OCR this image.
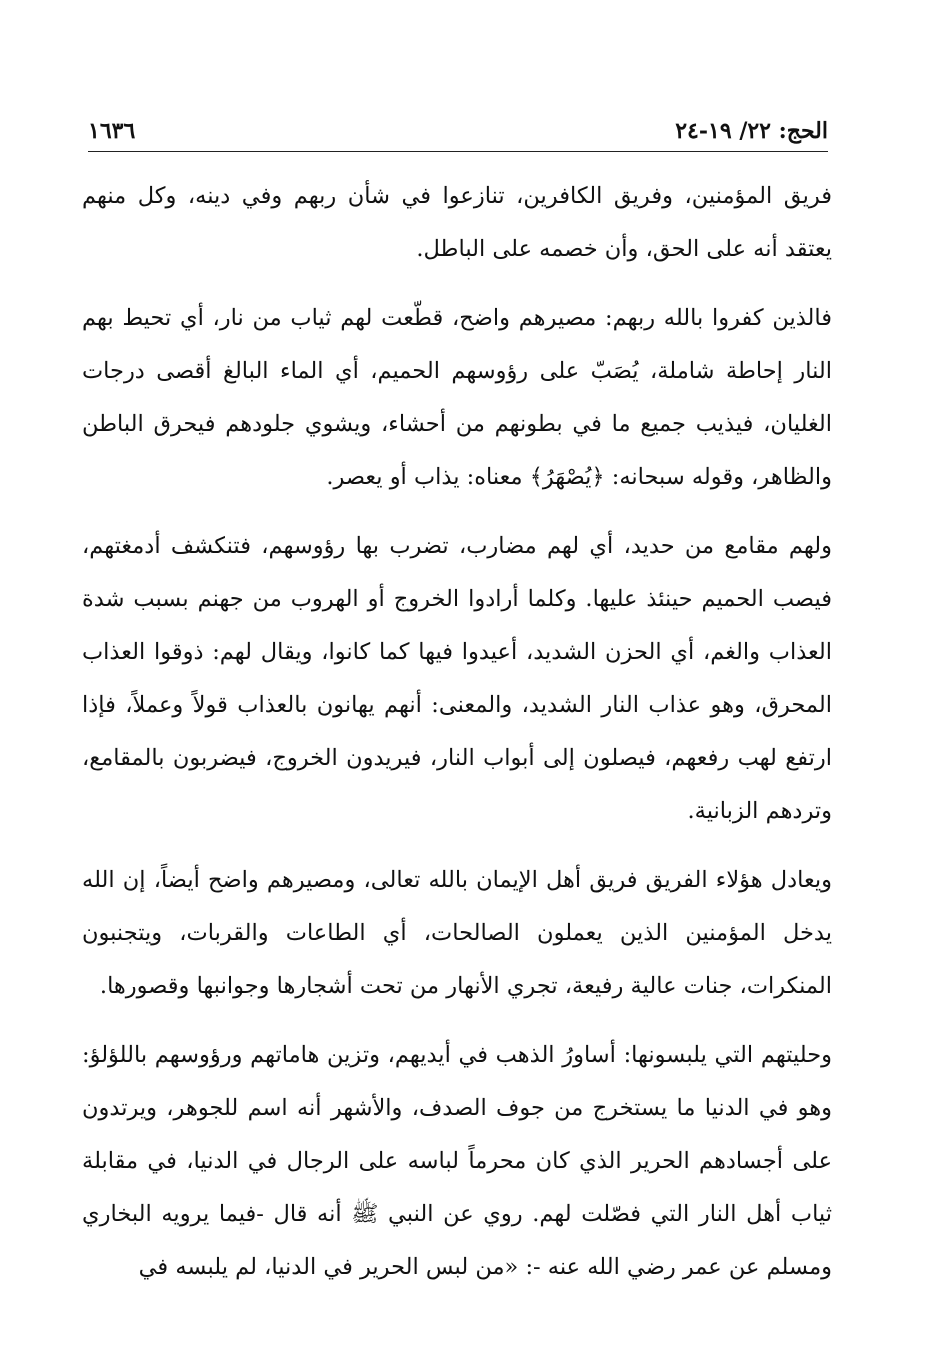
الحج: ٢٢/ ١٩-٢٤
١٦٣٦

فريق المؤمنين، وفريق الكافرين، تنازعوا في شأن ربهم وفي دينه، وكل منهم يعتقد أنه على الحق، وأن خصمه على الباطل.

فالذين كفروا بالله ربهم: مصيرهم واضح، قطّعت لهم ثياب من نار، أي تحيط بهم النار إحاطة شاملة، يُصَبّ على رؤوسهم الحميم، أي الماء البالغ أقصى درجات الغليان، فيذيب جميع ما في بطونهم من أحشاء، ويشوي جلودهم فيحرق الباطن والظاهر، وقوله سبحانه: ﴿يُصْهَرُ﴾ معناه: يذاب أو يعصر.

ولهم مقامع من حديد، أي لهم مضارب، تضرب بها رؤوسهم، فتنكشف أدمغتهم، فيصب الحميم حينئذ عليها. وكلما أرادوا الخروج أو الهروب من جهنم بسبب شدة العذاب والغم، أي الحزن الشديد، أعيدوا فيها كما كانوا، ويقال لهم: ذوقوا العذاب المحرق، وهو عذاب النار الشديد، والمعنى: أنهم يهانون بالعذاب قولاً وعملاً، فإذا ارتفع لهب رفعهم، فيصلون إلى أبواب النار، فيريدون الخروج، فيضربون بالمقامع، وتردهم الزبانية.

ويعادل هؤلاء الفريق فريق أهل الإيمان بالله تعالى، ومصيرهم واضح أيضاً، إن الله يدخل المؤمنين الذين يعملون الصالحات، أي الطاعات والقربات، ويتجنبون المنكرات، جنات عالية رفيعة، تجري الأنهار من تحت أشجارها وجوانبها وقصورها.

وحليتهم التي يلبسونها: أساورُ الذهب في أيديهم، وتزين هاماتهم ورؤوسهم باللؤلؤ: وهو في الدنيا ما يستخرج من جوف الصدف، والأشهر أنه اسم للجوهر، ويرتدون على أجسادهم الحرير الذي كان محرماً لباسه على الرجال في الدنيا، في مقابلة ثياب أهل النار التي فصّلت لهم. روي عن النبي ﷺ أنه قال -فيما يرويه البخاري ومسلم عن عمر رضي الله عنه -: «من لبس الحرير في الدنيا، لم يلبسه في
